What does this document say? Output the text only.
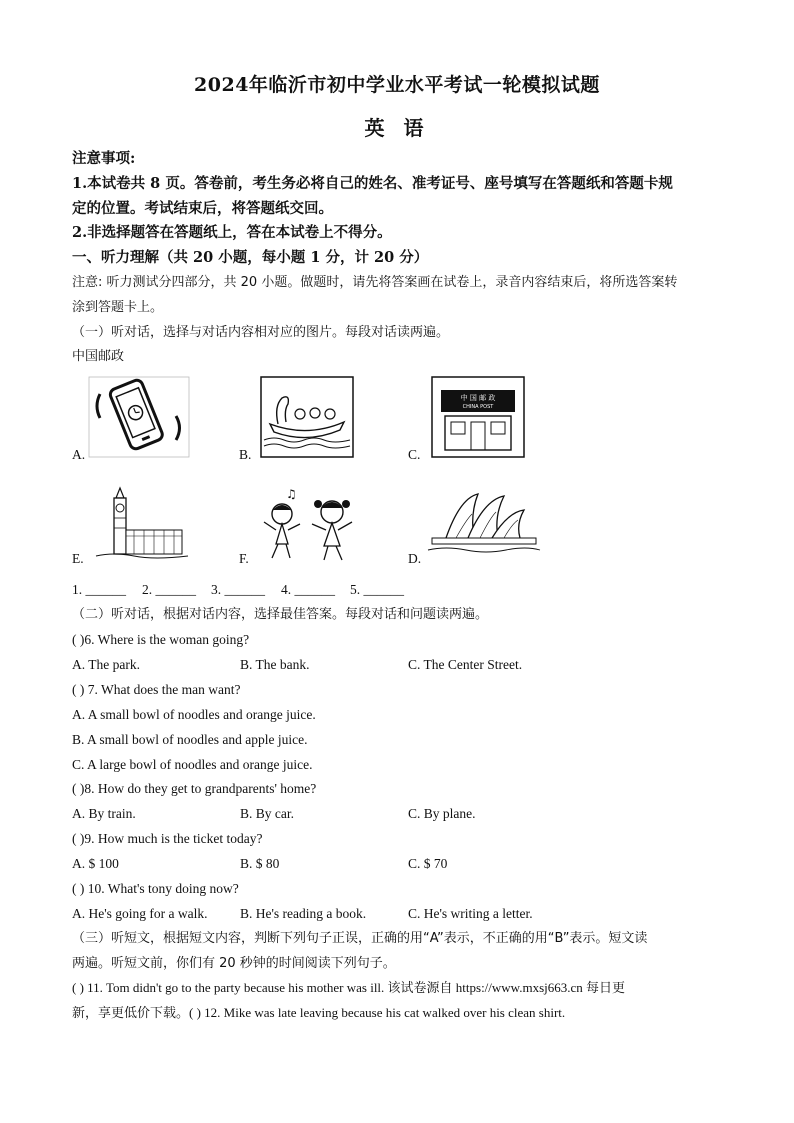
2024年临沂市初中学业水平考试一轮模拟试题
英 语
注意事项:
1.本试卷共 8 页。答卷前，考生务必将自己的姓名、准考证号、座号填写在答题纸和答题卡规
定的位置。考试结束后，将答题纸交回。
2.非选择题答在答题纸上，答在本试卷上不得分。
一、听力理解（共 20 小题，每小题 1 分，计 20 分）
注意: 听力测试分四部分，共 20 小题。做题时，请先将答案画在试卷上，录音内容结束后，将所选答案转
涂到答题卡上。
（一）听对话，选择与对话内容相对应的图片。每段对话读两遍。
中国邮政
A.	B.	C.
中 国 邮 政
CHINA POST
E.	F.
♫
D.
1. ______ 2. ______ 3. ______ 4. ______ 5. ______
（二）听对话，根据对话内容，选择最佳答案。每段对话和问题读两遍。
( )6. Where is the woman going?
A. The park.	B. The bank.	C. The Center Street.
( ) 7. What does the man want?
A. A small bowl of noodles and orange juice.
B. A small bowl of noodles and apple juice.
C. A large bowl of noodles and orange juice.
( )8. How do they get to grandparents' home?
A. By train.	B. By car.	C. By plane.
( )9. How much is the ticket today?
A. $ 100	B. $ 80	C. $ 70
( ) 10. What's tony doing now?
A. He's going for a walk. B. He's reading a book.	C. He's writing a letter.
（三）听短文，根据短文内容，判断下列句子正误，正确的用“A”表示，不正确的用“B”表示。短文读
两遍。听短文前，你们有 20 秒钟的时间阅读下列句子。
( ) 11. Tom didn't go to the party because his mother was ill. 该试卷源自 https://www.mxsj663.cn 每日更
新，享更低价下载。( ) 12. Mike was late leaving because his cat walked over his clean shirt.
